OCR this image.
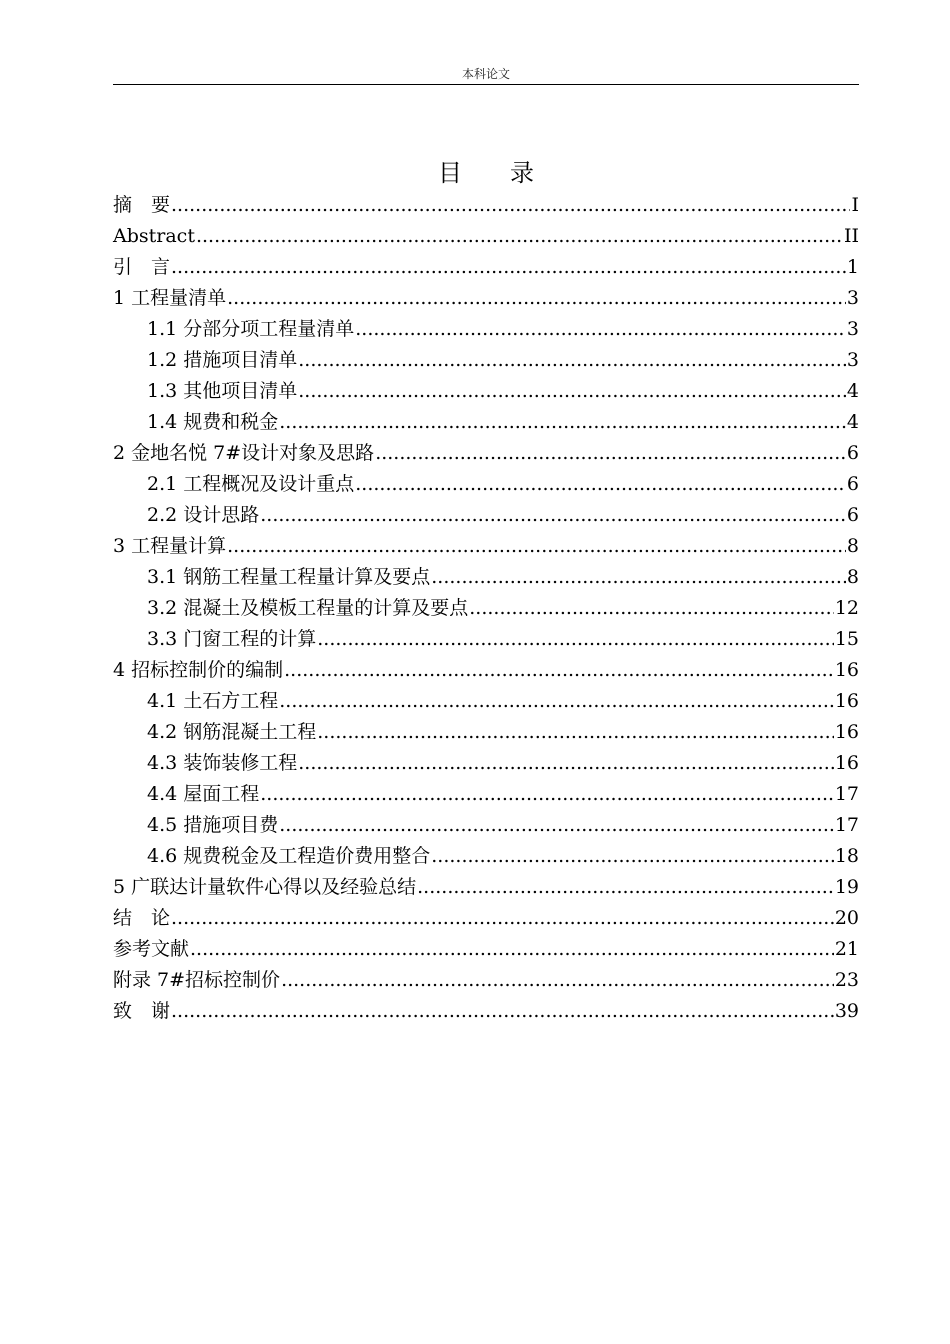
本科论文
目　　录
摘　要 .....	I
Abstract .....	II
引　言 .....	1
1 工程量清单 .....	3
1.1 分部分项工程量清单 .....	3
1.2 措施项目清单 .....	3
1.3 其他项目清单 .....	4
1.4 规费和税金 .....	4
2 金地名悦 7#设计对象及思路 .....	6
2.1 工程概况及设计重点 .....	6
2.2 设计思路 .....	6
3 工程量计算 .....	8
3.1 钢筋工程量工程量计算及要点 .....	8
3.2 混凝土及模板工程量的计算及要点 .....	12
3.3 门窗工程的计算 .....	15
4 招标控制价的编制 .....	16
4.1 土石方工程 .....	16
4.2 钢筋混凝土工程 .....	16
4.3 装饰装修工程 .....	16
4.4 屋面工程 .....	17
4.5 措施项目费 .....	17
4.6 规费税金及工程造价费用整合 .....	18
5 广联达计量软件心得以及经验总结 .....	19
结　论 .....	20
参考文献 .....	21
附录 7#招标控制价 .....	23
致　谢 .....	39
